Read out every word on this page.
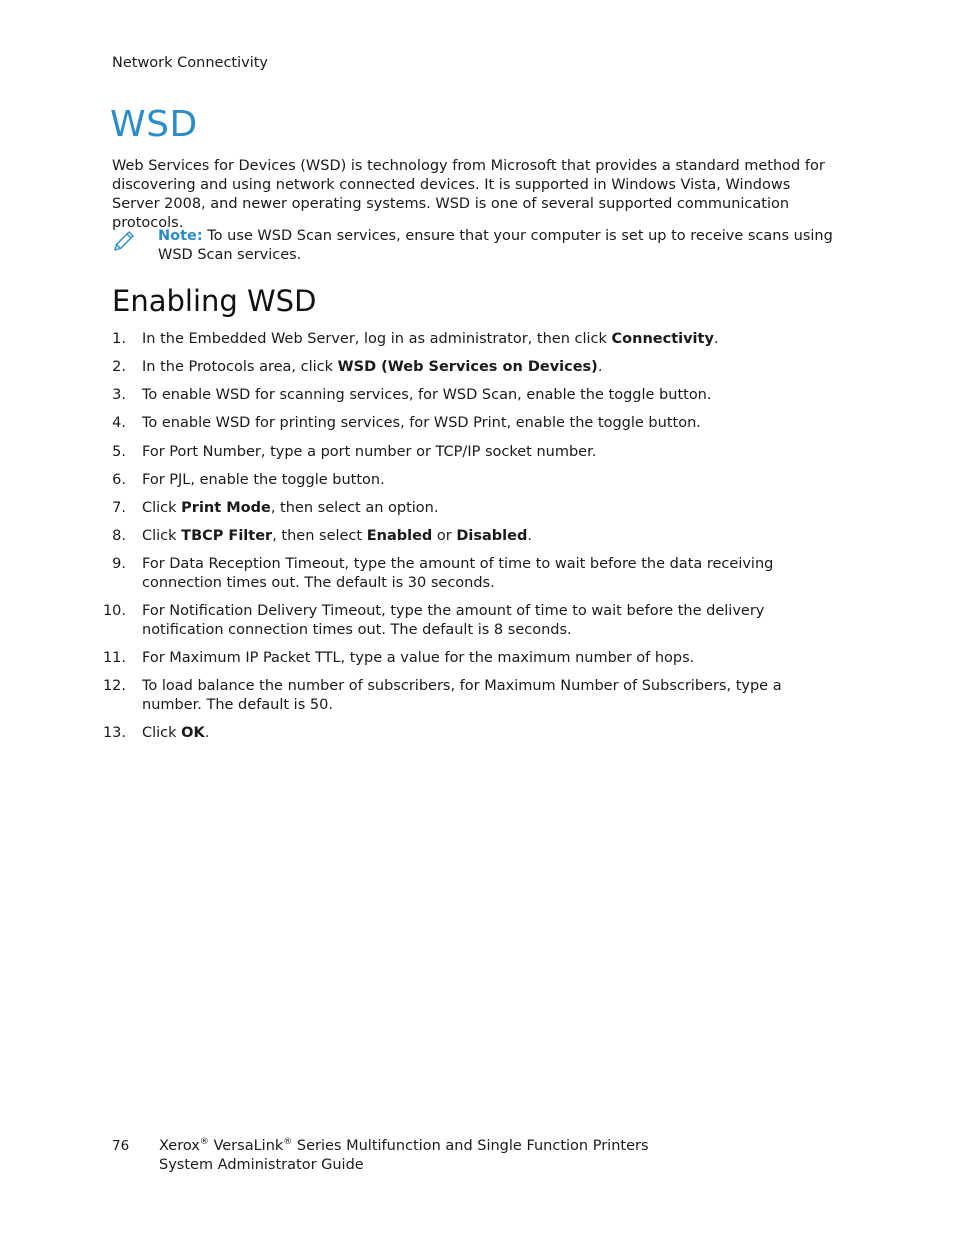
Network Connectivity
WSD

Web Services for Devices (WSD) is technology from Microsoft that provides a standard method for discovering and using network connected devices. It is supported in Windows Vista, Windows Server 2008, and newer operating systems. WSD is one of several supported communication protocols.

Note: To use WSD Scan services, ensure that your computer is set up to receive scans using WSD Scan services.

Enabling WSD
1. In the Embedded Web Server, log in as administrator, then click Connectivity.
2. In the Protocols area, click WSD (Web Services on Devices).
3. To enable WSD for scanning services, for WSD Scan, enable the toggle button.
4. To enable WSD for printing services, for WSD Print, enable the toggle button.
5. For Port Number, type a port number or TCP/IP socket number.
6. For PJL, enable the toggle button.
7. Click Print Mode, then select an option.
8. Click TBCP Filter, then select Enabled or Disabled.
9. For Data Reception Timeout, type the amount of time to wait before the data receiving connection times out. The default is 30 seconds.
10. For Notification Delivery Timeout, type the amount of time to wait before the delivery notification connection times out. The default is 8 seconds.
11. For Maximum IP Packet TTL, type a value for the maximum number of hops.
12. To load balance the number of subscribers, for Maximum Number of Subscribers, type a number. The default is 50.
13. Click OK.
76 Xerox® VersaLink® Series Multifunction and Single Function Printers
System Administrator Guide
